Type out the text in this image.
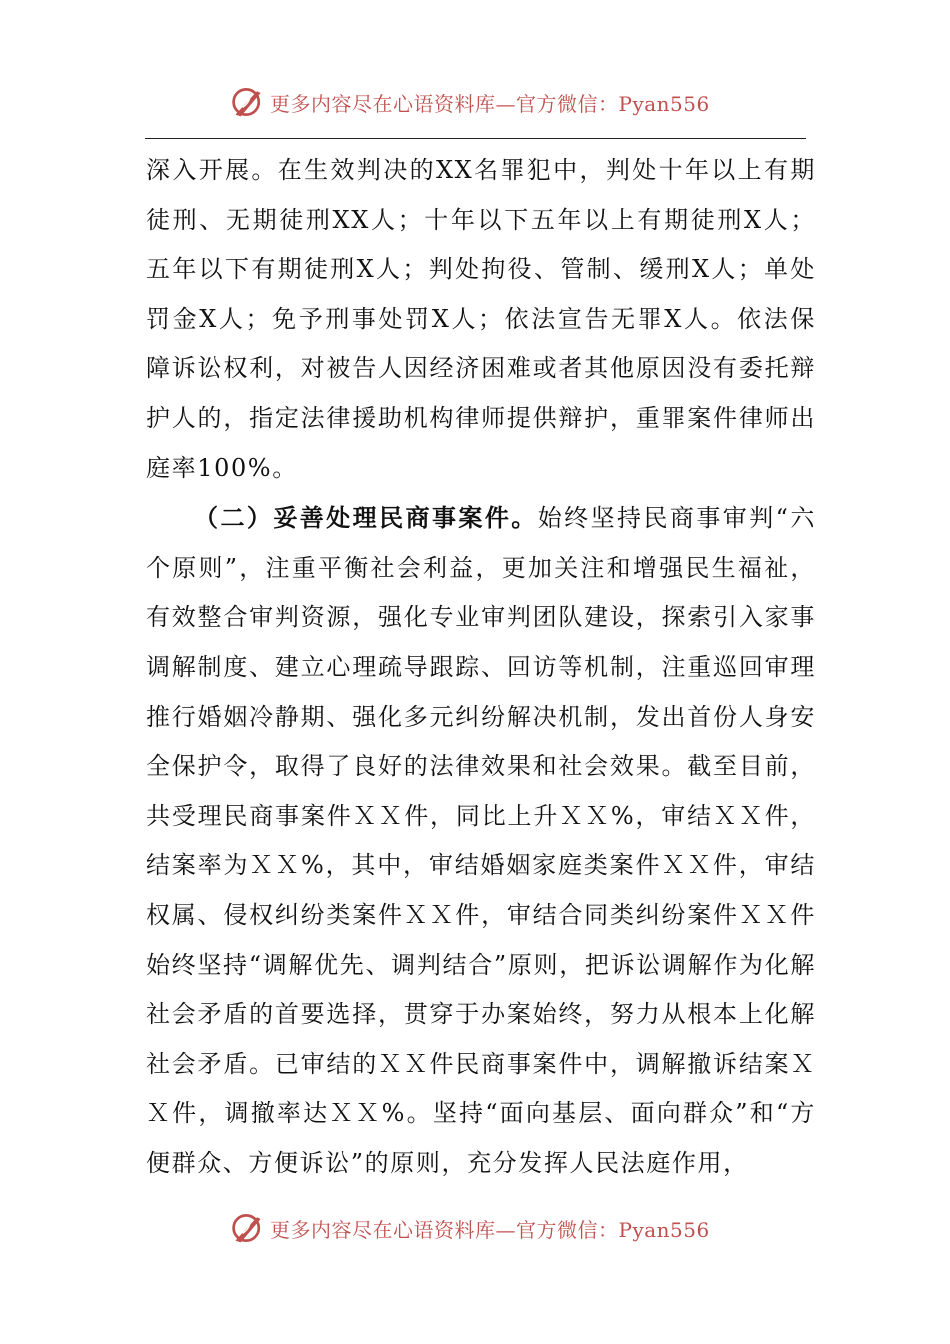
更多内容尽在心语资料库—官方微信：Pyan556

深入开展。在生效判决的XX名罪犯中，判处十年以上有期徒刑、无期徒刑XX人；十年以下五年以上有期徒刑X人；五年以下有期徒刑X人；判处拘役、管制、缓刑X人；单处罚金X人；免予刑事处罚X人；依法宣告无罪X人。依法保障诉讼权利，对被告人因经济困难或者其他原因没有委托辩护人的，指定法律援助机构律师提供辩护，重罪案件律师出庭率100%。

（二）妥善处理民商事案件。始终坚持民商事审判“六个原则”，注重平衡社会利益，更加关注和增强民生福祉，有效整合审判资源，强化专业审判团队建设，探索引入家事调解制度、建立心理疏导跟踪、回访等机制，注重巡回审理推行婚姻冷静期、强化多元纠纷解决机制，发出首份人身安全保护令，取得了良好的法律效果和社会效果。截至目前，共受理民商事案件ＸＸ件，同比上升ＸＸ%，审结ＸＸ件，结案率为ＸＸ%，其中，审结婚姻家庭类案件ＸＸ件，审结权属、侵权纠纷类案件ＸＸ件，审结合同类纠纷案件ＸＸ件始终坚持“调解优先、调判结合”原则，把诉讼调解作为化解社会矛盾的首要选择，贯穿于办案始终，努力从根本上化解社会矛盾。已审结的ＸＸ件民商事案件中，调解撤诉结案ＸＸ件，调撤率达ＸＸ%。坚持“面向基层、面向群众”和“方便群众、方便诉讼”的原则，充分发挥人民法庭作用，

更多内容尽在心语资料库—官方微信：Pyan556
